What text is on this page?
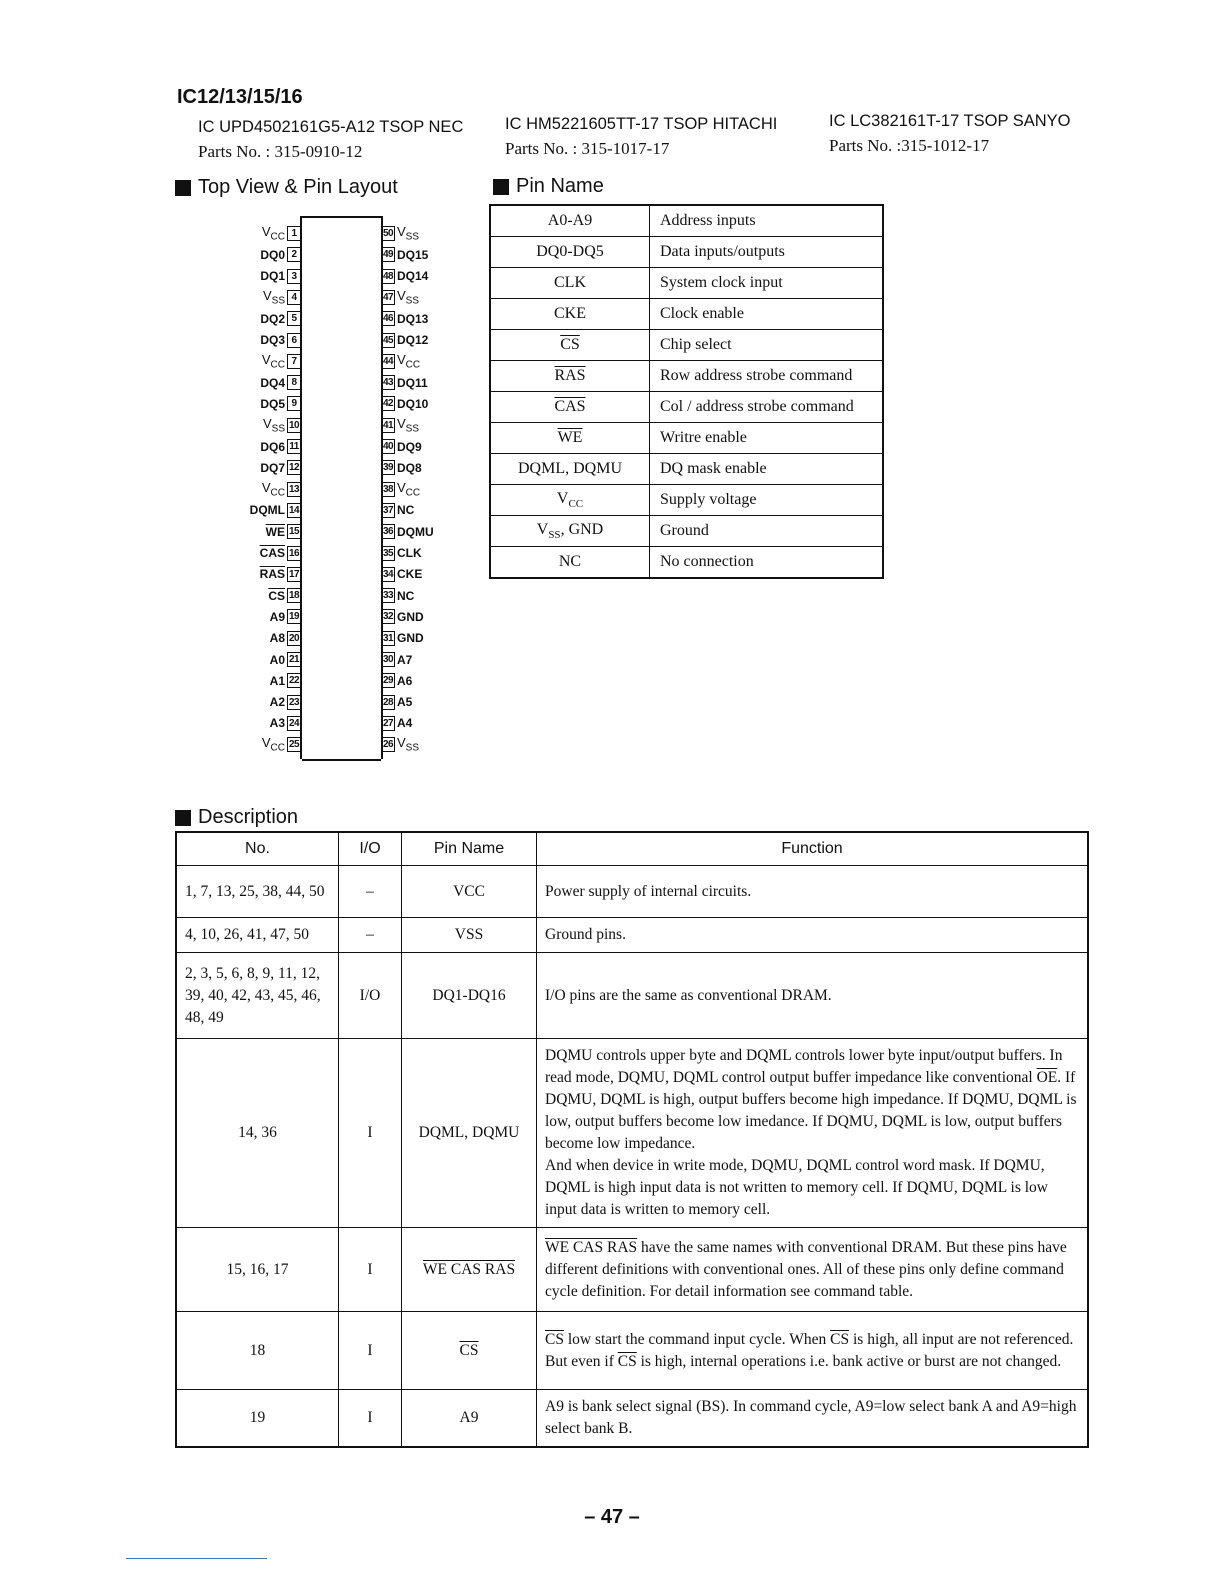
IC12/13/15/16
IC UPD4502161G5-A12 TSOP NEC
Parts No. : 315-0910-12
IC HM5221605TT-17 TSOP HITACHI
Parts No. : 315-1017-17
IC LC382161T-17 TSOP SANYO
Parts No. :315-1012-17
Top View & Pin Layout	Pin Name
$V_{CC}$ 1
DQ0 2
DQ1 3
$V_{SS}$ 4
DQ2 5
DQ3 6
$V_{CC}$ 7
DQ4 8
DQ5 9
$V_{SS}$ 10
DQ6 11
DQ7 12
$V_{CC}$ 13
DQML 14
$\overline{WE}$ 15
$\overline{CAS}$ 16
$\overline{RAS}$ 17
$\overline{CS}$ 18
A9 19
A8 20
A0 21
A1 22
A2 23
A3 24
$V_{CC}$ 25
50 $V_{SS}$
49 DQ15
48 DQ14
47 $V_{SS}$
46 DQ13
45 DQ12
44 $V_{CC}$
43 DQ11
42 DQ10
41 $V_{SS}$
40 DQ9
39 DQ8
38 $V_{CC}$
37 NC
36 DQMU
35 CLK
34 CKE
33 NC
32 GND
31 GND
30 A7
29 A6
28 A5
27 A4
26 $V_{SS}$
A0-A9	Address inputs
DQ0-DQ5	Data inputs/outputs
CLK	System clock input
CKE	Clock enable
$\overline{CS}$	Chip select
$\overline{RAS}$	Row address strobe command
$\overline{CAS}$	Col / address strobe command
$\overline{WE}$	Writre enable
DQML, DQMU	DQ mask enable
$V_{CC}$	Supply voltage
$V_{SS}$, GND	Ground
NC	No connection
Description
No.	I/O	Pin Name	Function
1, 7, 13, 25, 38, 44, 50	–	VCC	Power supply of internal circuits.
4, 10, 26, 41, 47, 50	–	VSS	Ground pins.
2, 3, 5, 6, 8, 9, 11, 12, 39, 40, 42, 43, 45, 46, 48, 49	I/O	DQ1-DQ16	I/O pins are the same as conventional DRAM.
14, 36	I	DQML, DQMU	DQMU controls upper byte and DQML controls lower byte input/output buffers. In read mode, DQMU, DQML control output buffer impedance like conventional $\overline{OE}$. If DQMU, DQML is high, output buffers become high impedance. If DQMU, DQML is low, output buffers become low imedance. If DQMU, DQML is low, output buffers become low impedance.
And when device in write mode, DQMU, DQML control word mask. If DQMU, DQML is high input data is not written to memory cell. If DQMU, DQML is low input data is written to memory cell.
15, 16, 17	I	WE CAS RAS	WE CAS RAS have the same names with conventional DRAM. But these pins have different definitions with conventional ones. All of these pins only define command cycle definition. For detail information see command table.
18	I	$\overline{CS}$	$\overline{CS}$ low start the command input cycle. When $\overline{CS}$ is high, all input are not referenced. But even if $\overline{CS}$ is high, internal operations i.e. bank active or burst are not changed.
19	I	A9	A9 is bank select signal (BS). In command cycle, A9=low select bank A and A9=high select bank B.
– 47 –
